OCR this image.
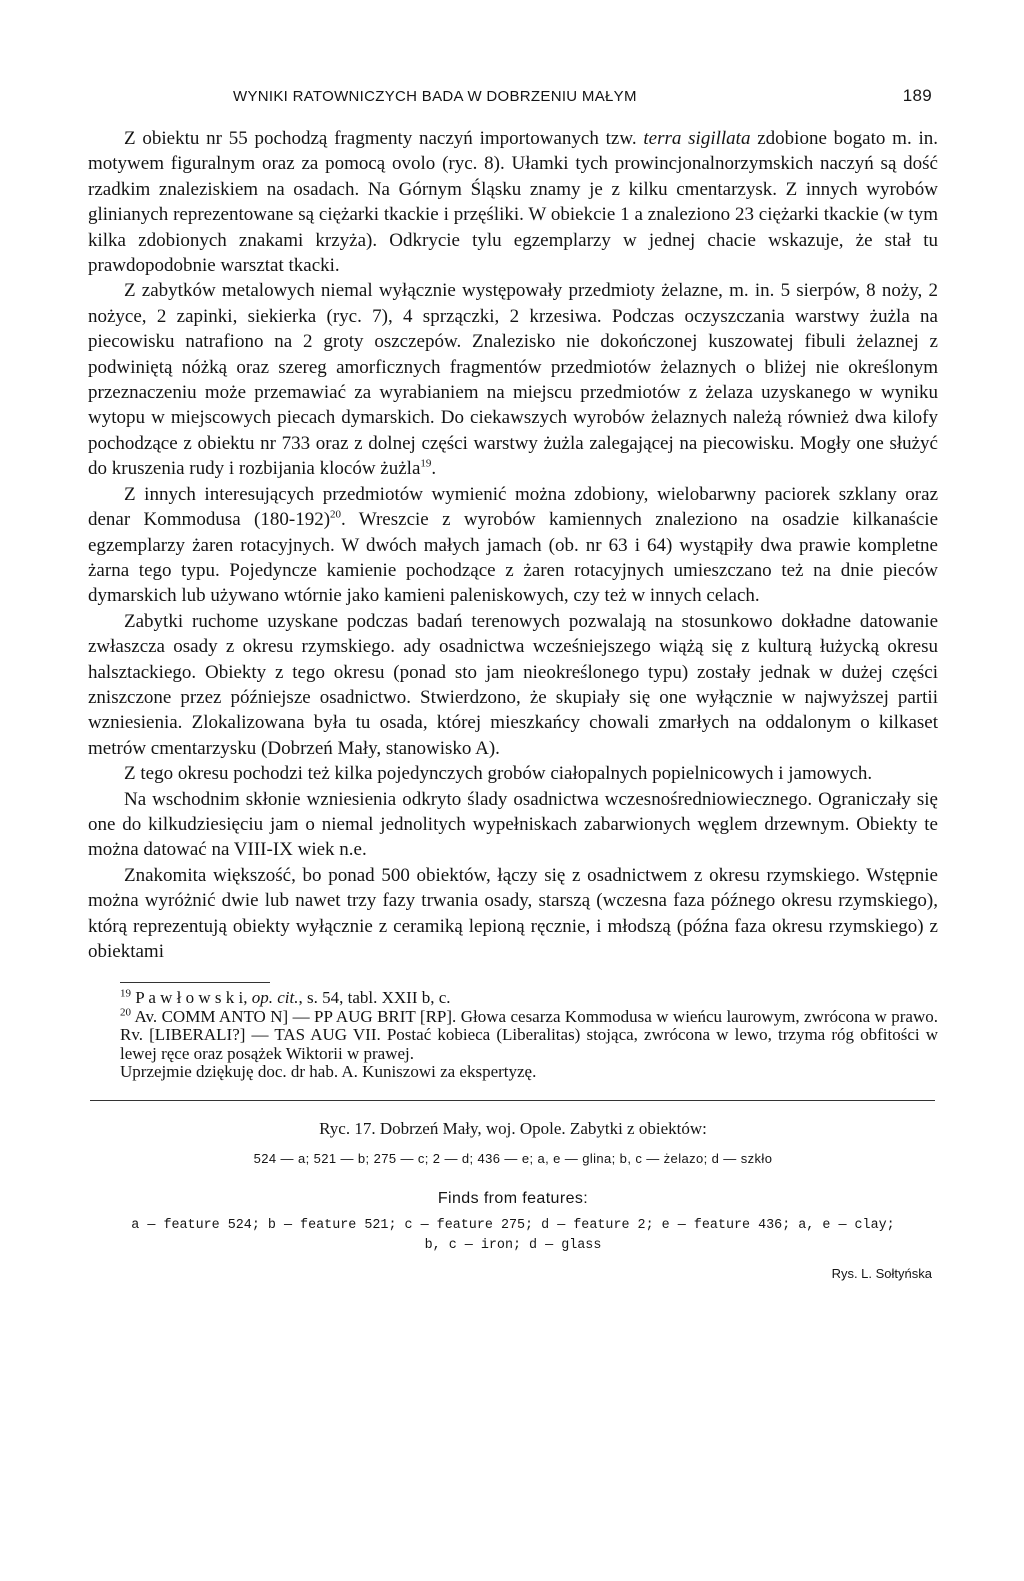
WYNIKI RATOWNICZYCH BADA W DOBRZENIU MAŁYM	189

Z obiektu nr 55 pochodzą fragmenty naczyń importowanych tzw. terra sigillata zdobione bogato m. in. motywem figuralnym oraz za pomocą ovolo (ryc. 8). Ułamki tych prowincjonalnorzymskich naczyń są dość rzadkim znaleziskiem na osadach. Na Górnym Śląsku znamy je z kilku cmentarzysk. Z innych wyrobów glinianych reprezentowane są ciężarki tkackie i przęśliki. W obiekcie 1 a znaleziono 23 ciężarki tkackie (w tym kilka zdobionych znakami krzyża). Odkrycie tylu egzemplarzy w jednej chacie wskazuje, że stał tu prawdopodobnie warsztat tkacki.

Z zabytków metalowych niemal wyłącznie występowały przedmioty żelazne, m. in. 5 sierpów, 8 noży, 2 nożyce, 2 zapinki, siekierka (ryc. 7), 4 sprzączki, 2 krzesiwa. Podczas oczyszczania warstwy żużla na piecowisku natrafiono na 2 groty oszczepów. Znalezisko nie dokończonej kuszowatej fibuli żelaznej z podwiniętą nóżką oraz szereg amorficznych fragmentów przedmiotów żelaznych o bliżej nie określonym przeznaczeniu może przemawiać za wyrabianiem na miejscu przedmiotów z żelaza uzyskanego w wyniku wytopu w miejscowych piecach dymarskich. Do ciekawszych wyrobów żelaznych należą również dwa kilofy pochodzące z obiektu nr 733 oraz z dolnej części warstwy żużla zalegającej na piecowisku. Mogły one służyć do kruszenia rudy i rozbijania kloców żużla$^{19}$.

Z innych interesujących przedmiotów wymienić można zdobiony, wielobarwny paciorek szklany oraz denar Kommodusa $(180-192)^{20}$. Wreszcie z wyrobów kamiennych znaleziono na osadzie kilkanaście egzemplarzy żaren rotacyjnych. W dwóch małych jamach (ob. nr 63 i 64) wystąpiły dwa prawie kompletne żarna tego typu. Pojedyncze kamienie pochodzące z żaren rotacyjnych umieszczano też na dnie pieców dymarskich lub używano wtórnie jako kamieni paleniskowych, czy też w innych celach.

Zabytki ruchome uzyskane podczas badań terenowych pozwalają na stosunkowo dokładne datowanie zwłaszcza osady z okresu rzymskiego. ady osadnictwa wcześniejszego wiążą się z kulturą łużycką okresu halsztackiego. Obiekty z tego okresu (ponad sto jam nieokreślonego typu) zostały jednak w dużej części zniszczone przez późniejsze osadnictwo. Stwierdzono, że skupiały się one wyłącznie w najwyższej partii wzniesienia. Zlokalizowana była tu osada, której mieszkańcy chowali zmarłych na oddalonym o kilkaset metrów cmentarzysku (Dobrzeń Mały, stanowisko A).

Z tego okresu pochodzi też kilka pojedynczych grobów ciałopalnych popielnicowych i jamowych.

Na wschodnim skłonie wzniesienia odkryto ślady osadnictwa wczesnośredniowiecznego. Ograniczały się one do kilkudziesięciu jam o niemal jednolitych wypełniskach zabarwionych węglem drzewnym. Obiekty te można datować na VIII-IX wiek n.e.

Znakomita większość, bo ponad 500 obiektów, łączy się z osadnictwem z okresu rzymskiego. Wstępnie można wyróżnić dwie lub nawet trzy fazy trwania osady, starszą (wczesna faza późnego okresu rzymskiego), którą reprezentują obiekty wyłącznie z ceramiką lepioną ręcznie, i młodszą (późna faza okresu rzymskiego) z obiektami

$^{19}$ P a w ł o w s k i, op. cit., s. 54, tabl. XXII b, c.

$^{20}$ Av. COMM ANTO N] — PP AUG BRIT [RP]. Głowa cesarza Kommodusa w wieńcu laurowym, zwrócona w prawo. Rv. [LIBERALI?] — TAS AUG VII. Postać kobieca (Liberalitas) stojąca, zwrócona w lewo, trzyma róg obfitości w lewej ręce oraz posążek Wiktorii w prawej.

Uprzejmie dziękuję doc. dr hab. A. Kuniszowi za ekspertyzę.

Ryc. 17. Dobrzeń Mały, woj. Opole. Zabytki z obiektów:
524 — a; 521 — b; 275 — c; 2 — d; 436 — e; a, e — glina; b, c — żelazo; d — szkło
Finds from features:
a — feature 524; b — feature 521; c — feature 275; d — feature 2; e — feature 436; a, e — clay;
b, c — iron; d — glass
Rys. L. Sołtyńska
